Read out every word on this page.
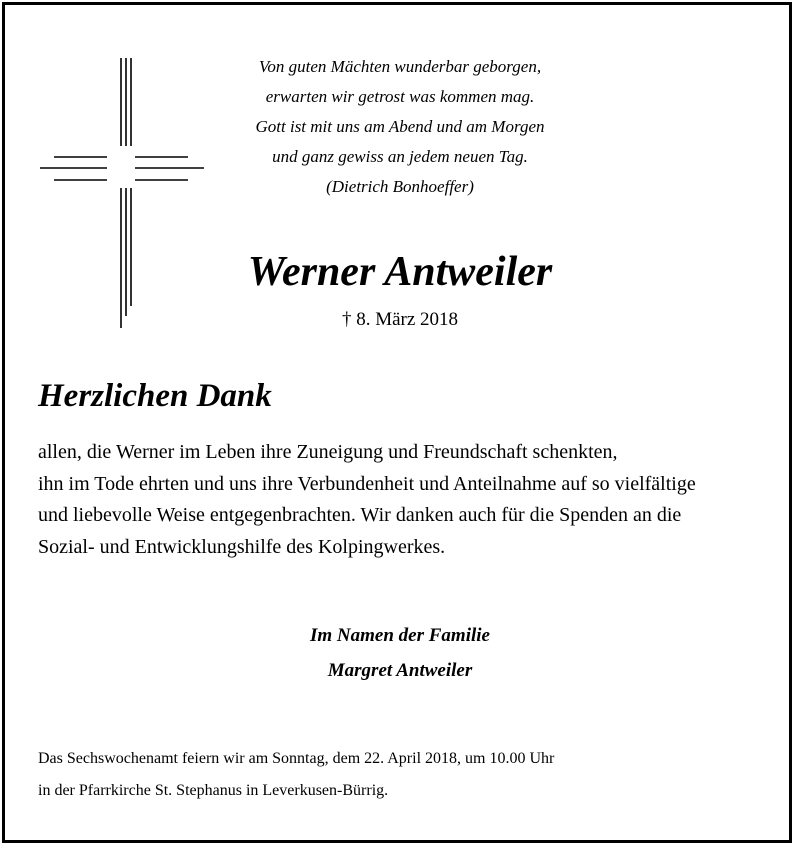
Von guten Mächten wunderbar geborgen,
erwarten wir getrost was kommen mag.
Gott ist mit uns am Abend und am Morgen
und ganz gewiss an jedem neuen Tag.
(Dietrich Bonhoeffer)
Werner Antweiler
† 8. März 2018
Herzlichen Dank
allen, die Werner im Leben ihre Zuneigung und Freundschaft schenkten,
ihn im Tode ehrten und uns ihre Verbundenheit und Anteilnahme auf so vielfältige
und liebevolle Weise entgegenbrachten. Wir danken auch für die Spenden an die
Sozial- und Entwicklungshilfe des Kolpingwerkes.
Im Namen der Familie
Margret Antweiler
Das Sechswochenamt feiern wir am Sonntag, dem 22. April 2018, um 10.00 Uhr
in der Pfarrkirche St. Stephanus in Leverkusen-Bürrig.
